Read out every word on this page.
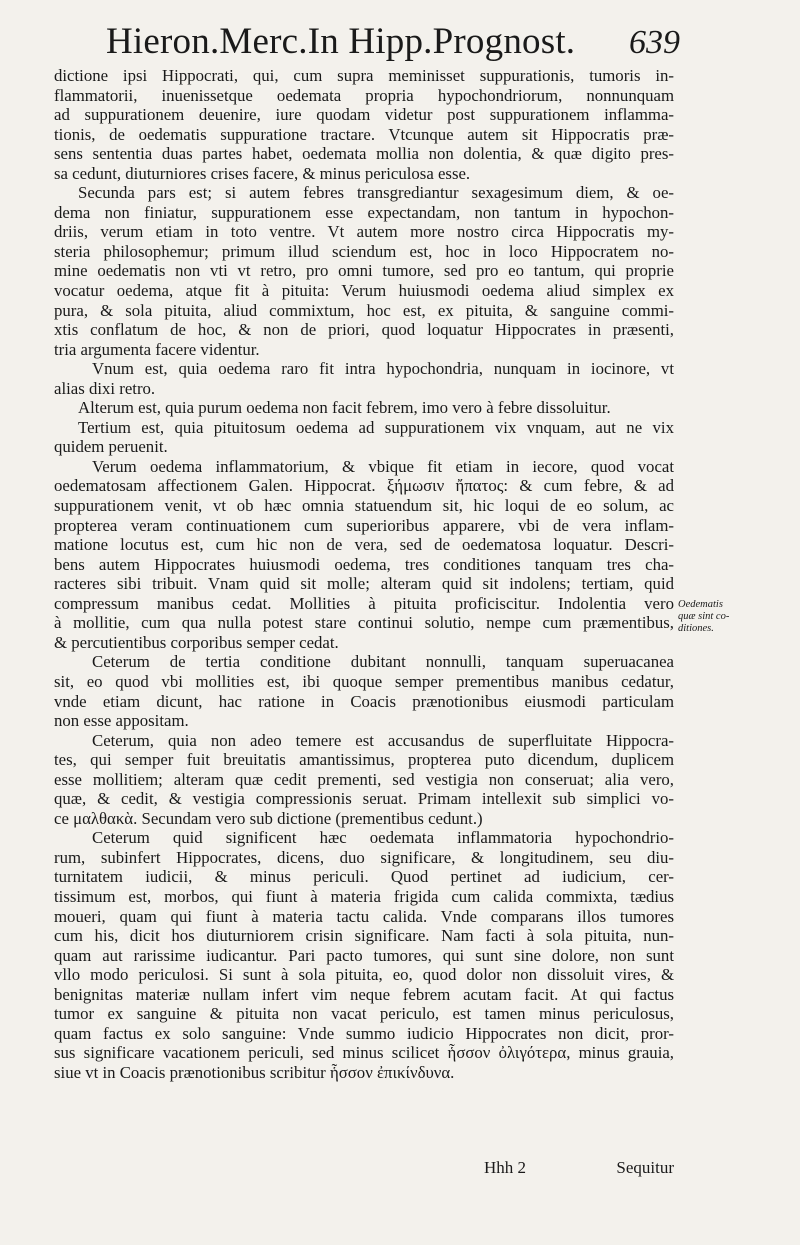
Hieron.Merc.In Hipp.Prognost. 639
dictione ipsi Hippocrati, qui, cum supra meminisset suppurationis, tumoris in-
flammatorii, inuenissetque oedemata propria hypochondriorum, nonnunquam
ad suppurationem deuenire, iure quodam videtur post suppurationem inflamma-
tionis, de oedematis suppuratione tractare. Vtcunque autem sit Hippocratis præ-
sens sententia duas partes habet, oedemata mollia non dolentia, & quæ digito pres-
sa cedunt, diuturniores crises facere, & minus periculosa esse.
Secunda pars est; si autem febres transgrediantur sexagesimum diem, & oe-
dema non finiatur, suppurationem esse expectandam, non tantum in hypochon-
driis, verum etiam in toto ventre. Vt autem more nostro circa Hippocratis my-
steria philosophemur; primum illud sciendum est, hoc in loco Hippocratem no-
mine oedematis non vti vt retro, pro omni tumore, sed pro eo tantum, qui proprie
vocatur oedema, atque fit à pituita: Verum huiusmodi oedema aliud simplex ex
pura, & sola pituita, aliud commixtum, hoc est, ex pituita, & sanguine commi-
xtis conflatum de hoc, & non de priori, quod loquatur Hippocrates in præsenti,
tria argumenta facere videntur.
Vnum est, quia oedema raro fit intra hypochondria, nunquam in iocinore, vt
alias dixi retro.
Alterum est, quia purum oedema non facit febrem, imo vero à febre dissoluitur.
Tertium est, quia pituitosum oedema ad suppurationem vix vnquam, aut ne vix
quidem peruenit.
Verum oedema inflammatorium, & vbique fit etiam in iecore, quod vocat
oedematosam affectionem Galen. Hippocrat. ξήμωσιν ἤπατος: & cum febre, & ad
suppurationem venit, vt ob hæc omnia statuendum sit, hic loqui de eo solum, ac
propterea veram continuationem cum superioribus apparere, vbi de vera inflam-
matione locutus est, cum hic non de vera, sed de oedematosa loquatur. Descri-
bens autem Hippocrates huiusmodi oedema, tres conditiones tanquam tres cha-
racteres sibi tribuit. Vnam quid sit molle; alteram quid sit indolens; tertiam, quid
compressum manibus cedat. Mollities à pituita proficiscitur. Indolentia vero
à mollitie, cum qua nulla potest stare continui solutio, nempe cum præmentibus,
& percutientibus corporibus semper cedat.
Ceterum de tertia conditione dubitant nonnulli, tanquam superuacanea
sit, eo quod vbi mollities est, ibi quoque semper prementibus manibus cedatur,
vnde etiam dicunt, hac ratione in Coacis prænotionibus eiusmodi particulam
non esse appositam.
Ceterum, quia non adeo temere est accusandus de superfluitate Hippocra-
tes, qui semper fuit breuitatis amantissimus, propterea puto dicendum, duplicem
esse mollitiem; alteram quæ cedit prementi, sed vestigia non conseruat; alia vero,
quæ, & cedit, & vestigia compressionis seruat. Primam intellexit sub simplici vo-
ce μαλθακὰ. Secundam vero sub dictione (prementibus cedunt.)
Ceterum quid significent hæc oedemata inflammatoria hypochondrio-
rum, subinfert Hippocrates, dicens, duo significare, & longitudinem, seu diu-
turnitatem iudicii, & minus periculi. Quod pertinet ad iudicium, cer-
tissimum est, morbos, qui fiunt à materia frigida cum calida commixta, tædius
moueri, quam qui fiunt à materia tactu calida. Vnde comparans illos tumores
cum his, dicit hos diuturniorem crisin significare. Nam facti à sola pituita, nun-
quam aut rarissime iudicantur. Pari pacto tumores, qui sunt sine dolore, non sunt
vllo modo periculosi. Si sunt à sola pituita, eo, quod dolor non dissoluit vires, &
benignitas materiæ nullam infert vim neque febrem acutam facit. At qui factus
tumor ex sanguine & pituita non vacat periculo, est tamen minus periculosus,
quam factus ex solo sanguine: Vnde summo iudicio Hippocrates non dicit, pror-
sus significare vacationem periculi, sed minus scilicet ἧσσον ὀλιγότερα, minus grauia,
siue vt in Coacis prænotionibus scribitur ἧσσον ἐπικίνδυνα.
Oedematis
quæ sint co-
ditiones.
Hhh 2	Sequitur
